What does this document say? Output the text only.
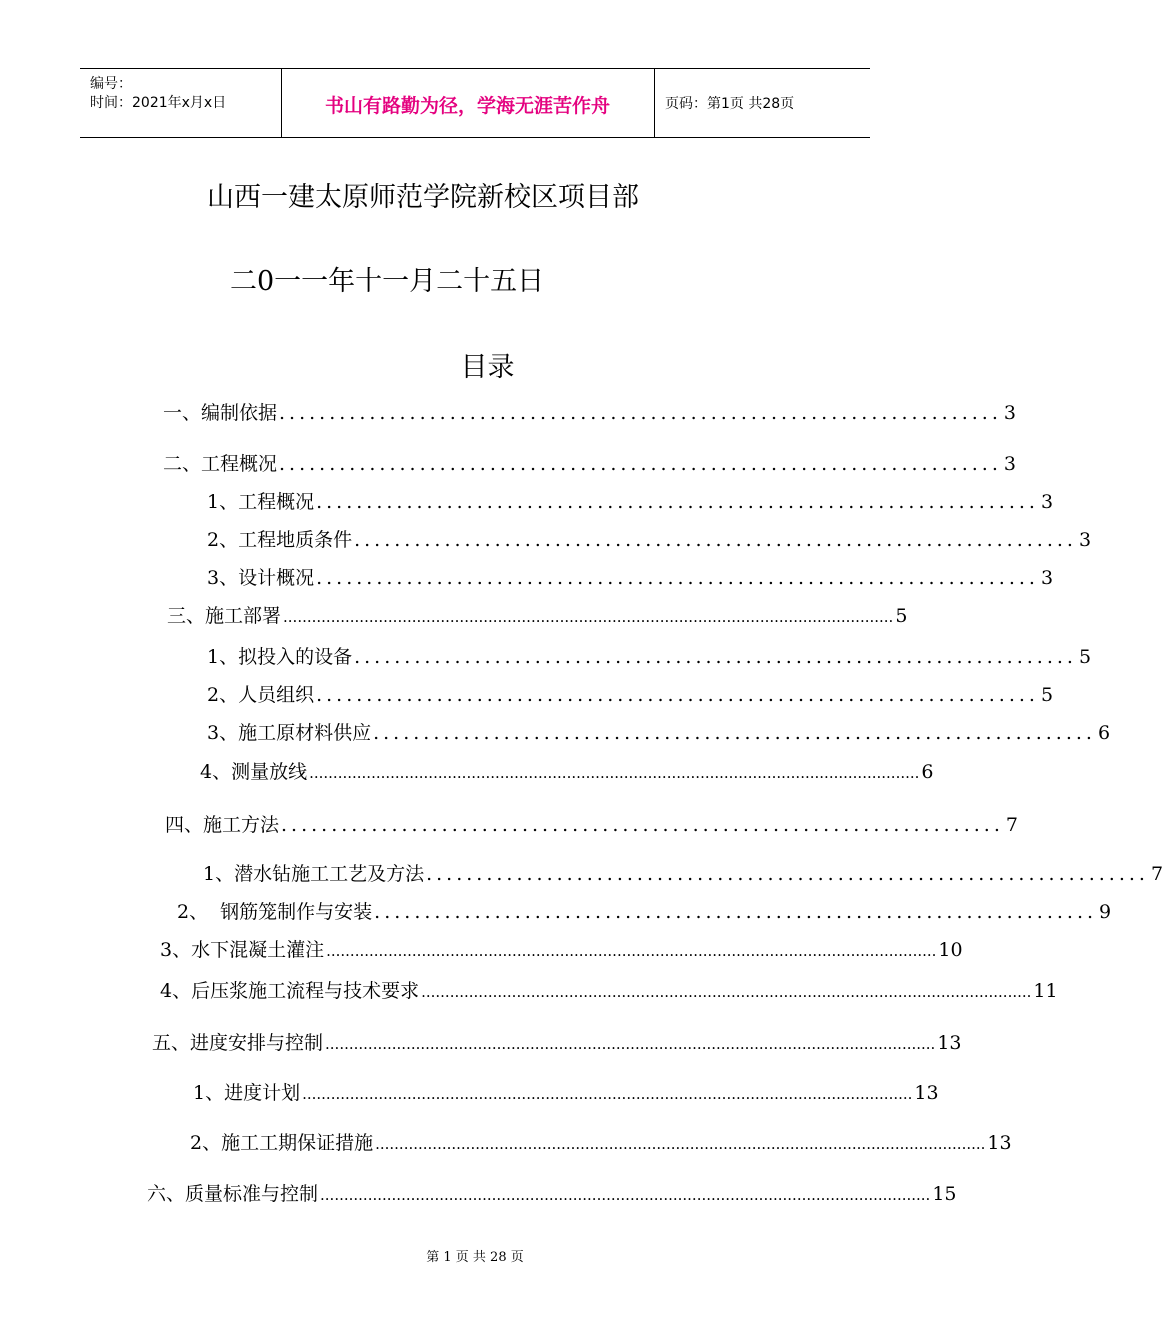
编号：
时间：2021年x月x日	书山有路勤为径，学海无涯苦作舟	页码：第1页 共28页
山西一建太原师范学院新校区项目部
二0一一年十一月二十五日
目录
一、编制依据 ........................................................................ 3
二、工程概况 ........................................................................ 3
1、工程概况 ........................................................................ 3
2、工程地质条件 ........................................................................ 3
3、设计概况 ........................................................................ 3
三、施工部署 ................................................................................................................................ 5
1、拟投入的设备 ........................................................................ 5
2、人员组织 ........................................................................ 5
3、施工原材料供应 ........................................................................ 6
4、测量放线 ................................................................................................................................ 6
四、施工方法 ........................................................................ 7
1、潜水钻施工工艺及方法 ........................................................................ 7
2、  钢筋笼制作与安装 ........................................................................ 9
3、水下混凝土灌注 ................................................................................................................................ 10
4、后压浆施工流程与技术要求 ................................................................................................................................ 11
五、进度安排与控制 ................................................................................................................................ 13
1、进度计划 ................................................................................................................................ 13
2、施工工期保证措施 ................................................................................................................................ 13
六、质量标准与控制 ................................................................................................................................ 15
第 1 页 共 28 页
